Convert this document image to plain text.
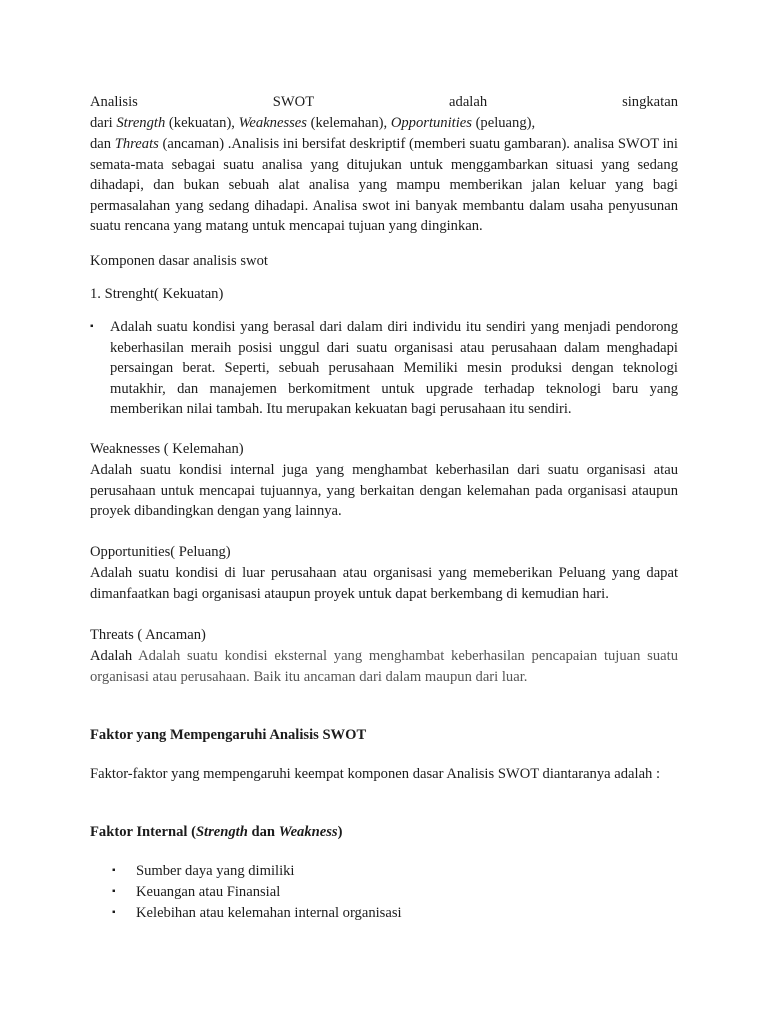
Analisis	SWOT	adalah	singkatan
dari Strength (kekuatan), Weaknesses (kelemahan), Opportunities (peluang),

dan Threats (ancaman) .Analisis ini bersifat deskriptif (memberi suatu gambaran). analisa SWOT ini semata-mata sebagai suatu analisa yang ditujukan untuk menggambarkan situasi yang sedang dihadapi, dan bukan sebuah alat analisa yang mampu memberikan jalan keluar yang bagi permasalahan yang sedang dihadapi. Analisa swot ini banyak membantu dalam usaha penyusunan suatu rencana yang matang untuk mencapai tujuan yang dinginkan.

Komponen dasar analisis swot

1. Strenght( Kekuatan)

▪ Adalah suatu kondisi yang berasal dari dalam diri individu itu sendiri yang menjadi pendorong keberhasilan meraih posisi unggul dari suatu organisasi atau perusahaan dalam menghadapi persaingan berat. Seperti, sebuah perusahaan Memiliki mesin produksi dengan teknologi mutakhir, dan manajemen berkomitment untuk upgrade terhadap teknologi baru yang memberikan nilai tambah. Itu merupakan kekuatan bagi perusahaan itu sendiri.

Weaknesses ( Kelemahan)

Adalah suatu kondisi internal juga yang menghambat keberhasilan dari suatu organisasi atau perusahaan untuk mencapai tujuannya, yang berkaitan dengan kelemahan pada organisasi ataupun proyek dibandingkan dengan yang lainnya.

Opportunities( Peluang)

Adalah suatu kondisi di luar perusahaan atau organisasi yang memeberikan Peluang yang dapat dimanfaatkan bagi organisasi ataupun proyek untuk dapat berkembang di kemudian hari.

Threats ( Ancaman)

Adalah Adalah suatu kondisi eksternal yang menghambat keberhasilan pencapaian tujuan suatu organisasi atau perusahaan. Baik itu ancaman dari dalam maupun dari luar.

Faktor yang Mempengaruhi Analisis SWOT

Faktor-faktor yang mempengaruhi keempat komponen dasar Analisis SWOT diantaranya adalah :

Faktor Internal (Strength dan Weakness)

▪ Sumber daya yang dimiliki
▪ Keuangan atau Finansial
▪ Kelebihan atau kelemahan internal organisasi
